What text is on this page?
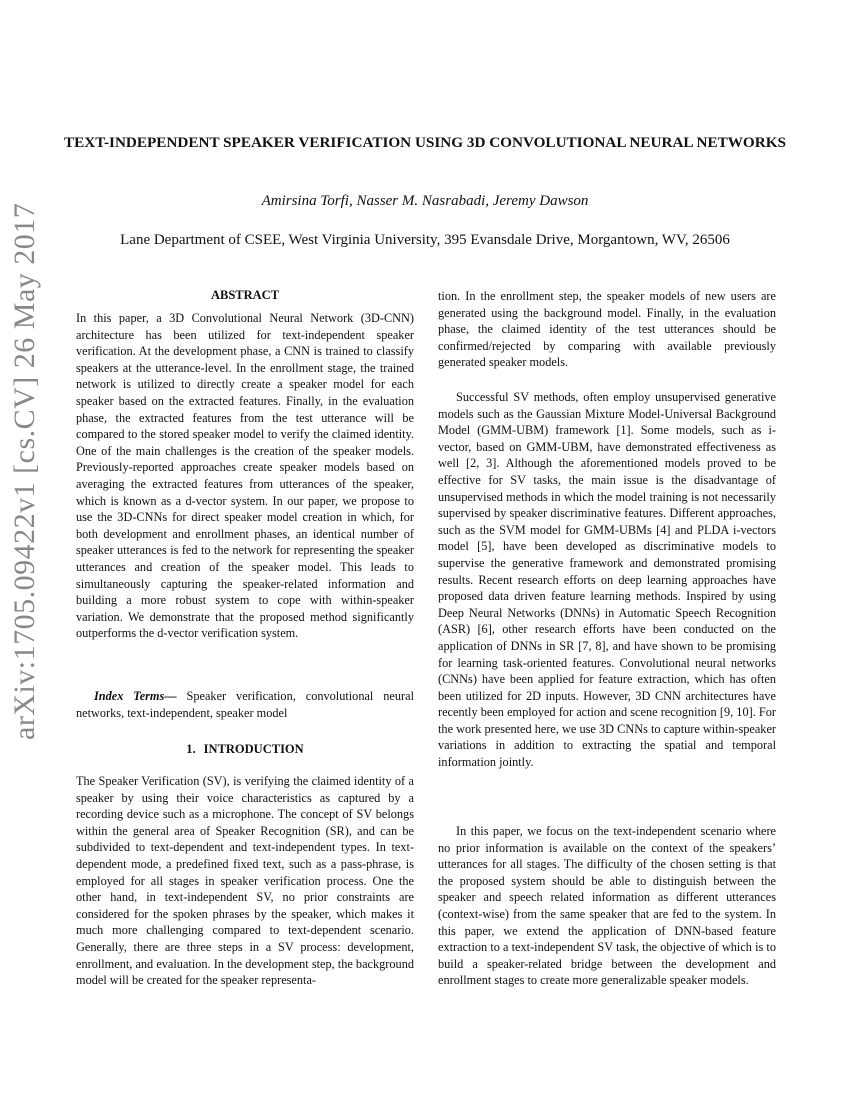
arXiv:1705.09422v1 [cs.CV] 26 May 2017
TEXT-INDEPENDENT SPEAKER VERIFICATION USING 3D CONVOLUTIONAL NEURAL NETWORKS
Amirsina Torfi, Nasser M. Nasrabadi, Jeremy Dawson
Lane Department of CSEE, West Virginia University, 395 Evansdale Drive, Morgantown, WV, 26506
ABSTRACT

In this paper, a 3D Convolutional Neural Network (3D-CNN) architecture has been utilized for text-independent speaker verification. At the development phase, a CNN is trained to classify speakers at the utterance-level. In the enrollment stage, the trained network is utilized to directly create a speaker model for each speaker based on the extracted features. Finally, in the evaluation phase, the extracted features from the test utterance will be compared to the stored speaker model to verify the claimed identity. One of the main challenges is the creation of the speaker models. Previously-reported approaches create speaker models based on averaging the extracted features from utterances of the speaker, which is known as a d-vector system. In our paper, we propose to use the 3D-CNNs for direct speaker model creation in which, for both development and enrollment phases, an identical number of speaker utterances is fed to the network for representing the speaker utterances and creation of the speaker model. This leads to simultaneously capturing the speaker-related information and building a more robust system to cope with within-speaker variation. We demonstrate that the proposed method significantly outperforms the d-vector verification system.

Index Terms— Speaker verification, convolutional neural networks, text-independent, speaker model

1. INTRODUCTION

The Speaker Verification (SV), is verifying the claimed identity of a speaker by using their voice characteristics as captured by a recording device such as a microphone. The concept of SV belongs within the general area of Speaker Recognition (SR), and can be subdivided to text-dependent and text-independent types. In text-dependent mode, a predefined fixed text, such as a pass-phrase, is employed for all stages in speaker verification process. One the other hand, in text-independent SV, no prior constraints are considered for the spoken phrases by the speaker, which makes it much more challenging compared to text-dependent scenario. Generally, there are three steps in a SV process: development, enrollment, and evaluation. In the development step, the background model will be created for the speaker representa-

tion. In the enrollment step, the speaker models of new users are generated using the background model. Finally, in the evaluation phase, the claimed identity of the test utterances should be confirmed/rejected by comparing with available previously generated speaker models.

Successful SV methods, often employ unsupervised generative models such as the Gaussian Mixture Model-Universal Background Model (GMM-UBM) framework [1]. Some models, such as i-vector, based on GMM-UBM, have demonstrated effectiveness as well [2, 3]. Although the aforementioned models proved to be effective for SV tasks, the main issue is the disadvantage of unsupervised methods in which the model training is not necessarily supervised by speaker discriminative features. Different approaches, such as the SVM model for GMM-UBMs [4] and PLDA i-vectors model [5], have been developed as discriminative models to supervise the generative framework and demonstrated promising results. Recent research efforts on deep learning approaches have proposed data driven feature learning methods. Inspired by using Deep Neural Networks (DNNs) in Automatic Speech Recognition (ASR) [6], other research efforts have been conducted on the application of DNNs in SR [7, 8], and have shown to be promising for learning task-oriented features. Convolutional neural networks (CNNs) have been applied for feature extraction, which has often been utilized for 2D inputs. However, 3D CNN architectures have recently been employed for action and scene recognition [9, 10]. For the work presented here, we use 3D CNNs to capture within-speaker variations in addition to extracting the spatial and temporal information jointly.

In this paper, we focus on the text-independent scenario where no prior information is available on the context of the speakers’ utterances for all stages. The difficulty of the chosen setting is that the proposed system should be able to distinguish between the speaker and speech related information as different utterances (context-wise) from the same speaker that are fed to the system. In this paper, we extend the application of DNN-based feature extraction to a text-independent SV task, the objective of which is to build a speaker-related bridge between the development and enrollment stages to create more generalizable speaker models.
